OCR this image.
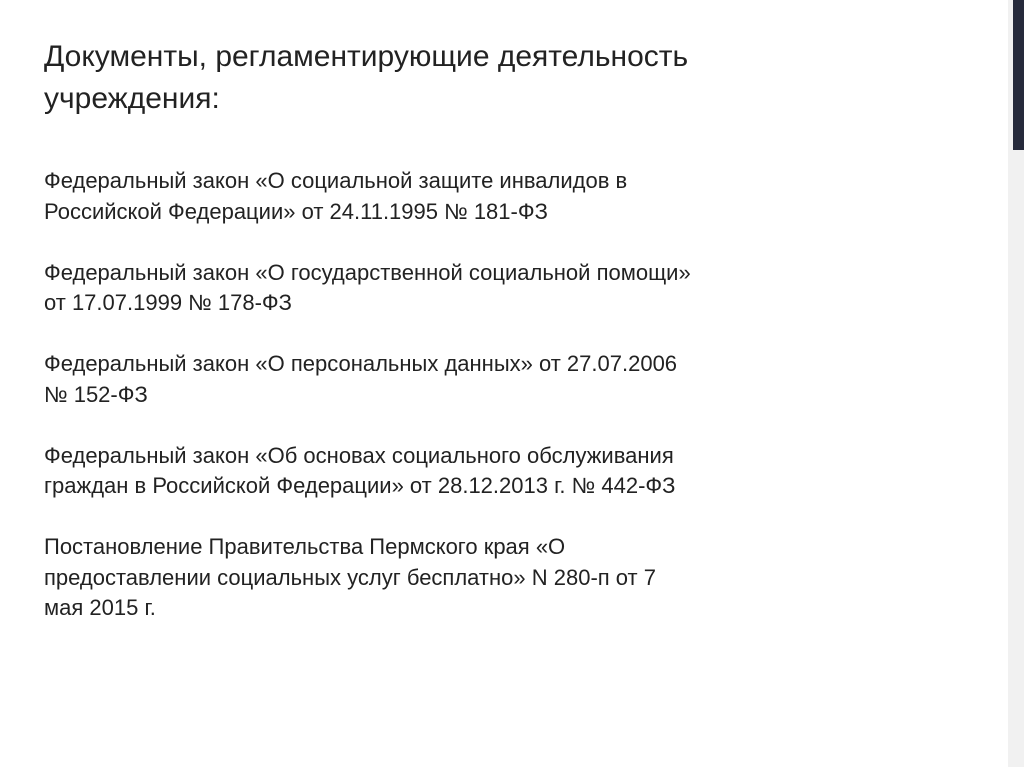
Документы, регламентирующие деятельность
учреждения:

Федеральный закон «О социальной защите инвалидов в
Российской Федерации» от 24.11.1995 № 181-ФЗ

Федеральный закон «О государственной социальной помощи»
от 17.07.1999 № 178-ФЗ

Федеральный закон «О персональных данных» от 27.07.2006
№ 152-ФЗ

Федеральный закон «Об основах социального обслуживания
граждан в Российской Федерации» от 28.12.2013 г. № 442-ФЗ

Постановление Правительства Пермского края «О
предоставлении социальных услуг бесплатно» N 280-п от 7
мая 2015 г.
